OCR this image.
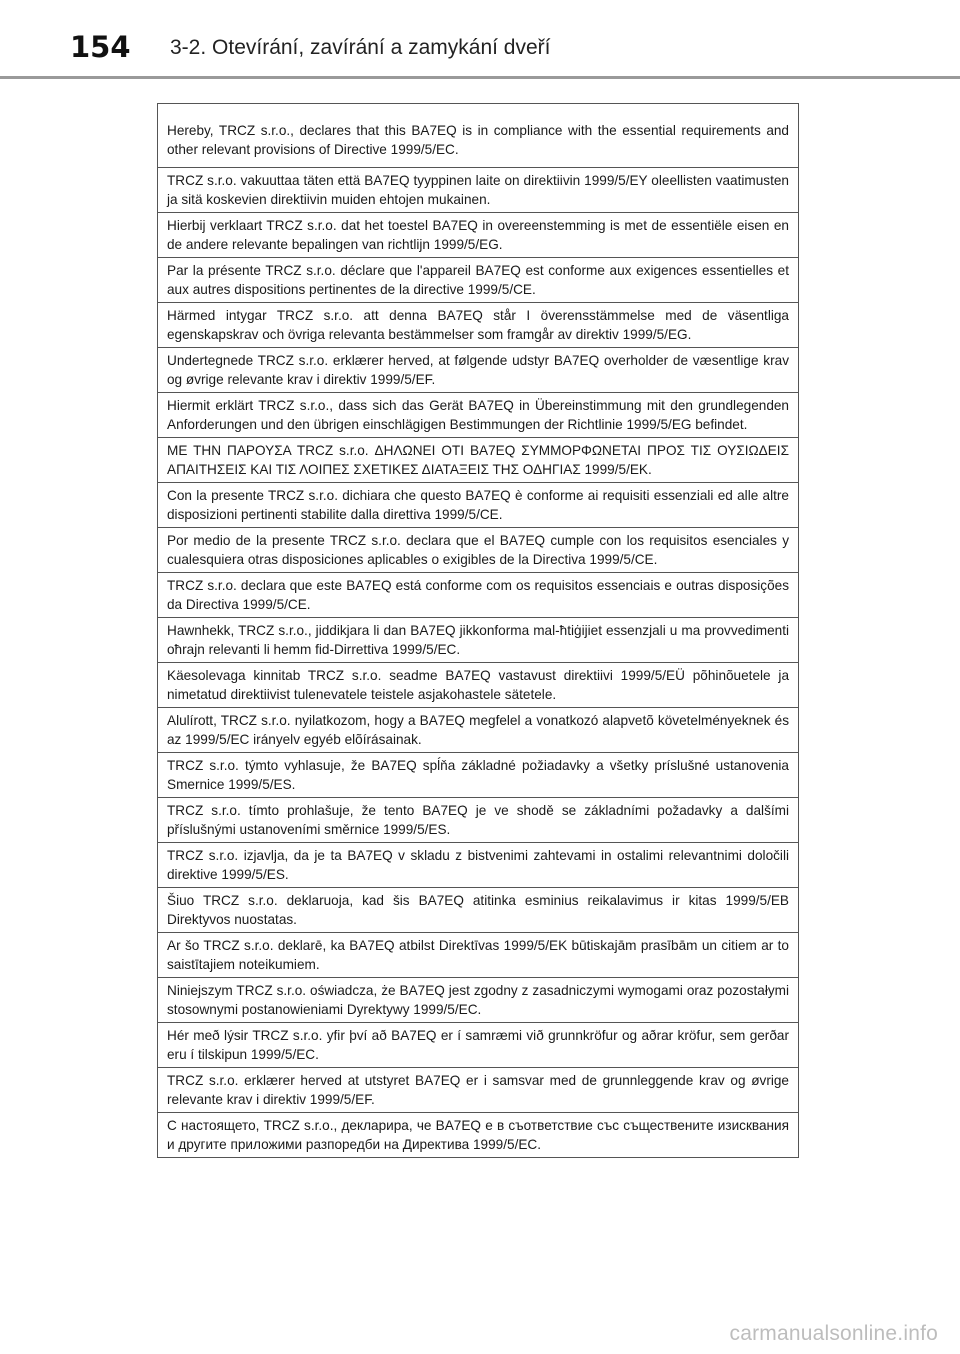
154 3-2. Otevírání, zavírání a zamykání dveří
Hereby, TRCZ s.r.o., declares that this BA7EQ is in compliance with the essential requirements and other relevant provisions of Directive 1999/5/EC.
TRCZ s.r.o. vakuuttaa täten että BA7EQ tyyppinen laite on direktiivin 1999/5/EY oleellisten vaatimusten ja sitä koskevien direktiivin muiden ehtojen mukainen.
Hierbij verklaart TRCZ s.r.o. dat het toestel BA7EQ in overeenstemming is met de essentiële eisen en de andere relevante bepalingen van richtlijn 1999/5/EG.
Par la présente TRCZ s.r.o. déclare que l'appareil BA7EQ est conforme aux exigences essentielles et aux autres dispositions pertinentes de la directive 1999/5/CE.
Härmed intygar TRCZ s.r.o. att denna BA7EQ står I överensstämmelse med de väsentliga egenskapskrav och övriga relevanta bestämmelser som framgår av direktiv 1999/5/EG.
Undertegnede TRCZ s.r.o. erklærer herved, at følgende udstyr BA7EQ overholder de væsentlige krav og øvrige relevante krav i direktiv 1999/5/EF.
Hiermit erklärt TRCZ s.r.o., dass sich das Gerät BA7EQ in Übereinstimmung mit den grundlegenden Anforderungen und den übrigen einschlägigen Bestimmungen der Richtlinie 1999/5/EG befindet.
ΜΕ ΤΗΝ ΠΑΡΟΥΣΑ TRCZ s.r.o. ΔΗΛΩΝΕΙ ΟΤΙ BA7EQ ΣΥΜΜΟΡΦΩΝΕΤΑΙ ΠΡΟΣ ΤΙΣ ΟΥΣΙΩΔΕΙΣ ΑΠΑΙΤΗΣΕΙΣ ΚΑΙ ΤΙΣ ΛΟΙΠΕΣ ΣΧΕΤΙΚΕΣ ΔΙΑΤΑΞΕΙΣ ΤΗΣ ΟΔΗΓΙΑΣ 1999/5/ΕΚ.
Con la presente TRCZ s.r.o. dichiara che questo BA7EQ è conforme ai requisiti essenziali ed alle altre disposizioni pertinenti stabilite dalla direttiva 1999/5/CE.
Por medio de la presente TRCZ s.r.o. declara que el BA7EQ cumple con los requisitos esenciales y cualesquiera otras disposiciones aplicables o exigibles de la Directiva 1999/5/CE.
TRCZ s.r.o. declara que este BA7EQ está conforme com os requisitos essenciais e outras disposições da Directiva 1999/5/CE.
Hawnhekk, TRCZ s.r.o., jiddikjara li dan BA7EQ jikkonforma mal-ħtiġijiet essenzjali u ma provvedimenti oħrajn relevanti li hemm fid-Dirrettiva 1999/5/EC.
Käesolevaga kinnitab TRCZ s.r.o. seadme BA7EQ vastavust direktiivi 1999/5/EÜ põhinõuetele ja nimetatud direktiivist tulenevatele teistele asjakohastele sätetele.
Alulírott, TRCZ s.r.o. nyilatkozom, hogy a BA7EQ megfelel a vonatkozó alapvetõ követelményeknek és az 1999/5/EC irányelv egyéb elõírásainak.
TRCZ s.r.o. týmto vyhlasuje, že BA7EQ spĺňa základné požiadavky a všetky príslušné ustanovenia Smernice 1999/5/ES.
TRCZ s.r.o. tímto prohlašuje, že tento BA7EQ je ve shodě se základními požadavky a dalšími příslušnými ustanoveními směrnice 1999/5/ES.
TRCZ s.r.o. izjavlja, da je ta BA7EQ v skladu z bistvenimi zahtevami in ostalimi relevantnimi določili direktive 1999/5/ES.
Šiuo TRCZ s.r.o. deklaruoja, kad šis BA7EQ atitinka esminius reikalavimus ir kitas 1999/5/EB Direktyvos nuostatas.
Ar šo TRCZ s.r.o. deklarē, ka BA7EQ atbilst Direktīvas 1999/5/EK būtiskajām prasībām un citiem ar to saistītajiem noteikumiem.
Niniejszym TRCZ s.r.o. oświadcza, że BA7EQ jest zgodny z zasadniczymi wymogami oraz pozostałymi stosownymi postanowieniami Dyrektywy 1999/5/EC.
Hér með lýsir TRCZ s.r.o. yfir því að BA7EQ er í samræmi við grunnkröfur og aðrar kröfur, sem gerðar eru í tilskipun 1999/5/EC.
TRCZ s.r.o. erklærer herved at utstyret BA7EQ er i samsvar med de grunnleggende krav og øvrige relevante krav i direktiv 1999/5/EF.
С настоящето, TRCZ s.r.o., декларира, че BA7EQ е в съответствие със съществените изисквания и другите приложими разпоредби на Директива 1999/5/ЕС.
carmanualsonline.info
